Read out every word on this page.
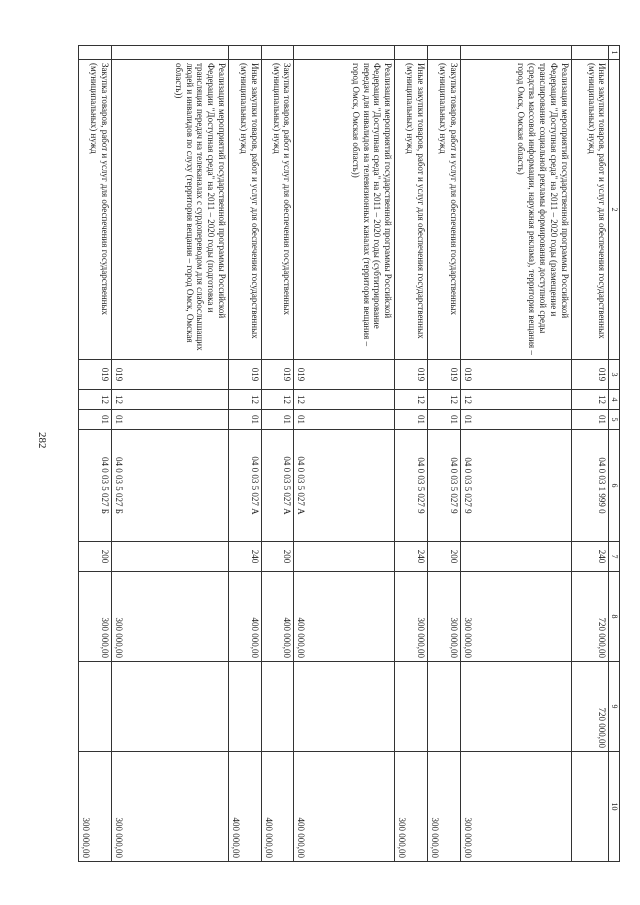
282
1	2	3	4	5	6	7	8	9	10
	Иные закупки товаров, работ и услуг для обеспечения государственных (муниципальных) нужд	019	12	01	04 0 03 1 999 0	240	720 000,00	720 000,00	
	Реализация мероприятий государственной программы Российской Федерации "Доступная среда" на 2011 – 2020 годы (размещение и транслирование социальной рекламы формирования доступной среды (средства массовой информации, наружная реклама), территория вещания – город Омск, Омская область)	019	12	01	04 0 03 5 027 9		300 000,00		300 000,00
	Закупка товаров, работ и услуг для обеспечения государственных (муниципальных) нужд	019	12	01	04 0 03 5 027 9	200	300 000,00		300 000,00
	Иные закупки товаров, работ и услуг для обеспечения государственных (муниципальных) нужд	019	12	01	04 0 03 5 027 9	240	300 000,00		300 000,00
	Реализация мероприятий государственной программы Российской Федерации "Доступная среда" на 2011 – 2020 годы (субтитрирование передач для инвалидов на телевизионных каналах (территория вещания – город Омск, Омская область))	019	12	01	04 0 03 5 027 А		400 000,00		400 000,00
	Закупка товаров, работ и услуг для обеспечения государственных (муниципальных) нужд	019	12	01	04 0 03 5 027 А	200	400 000,00		400 000,00
	Иные закупки товаров, работ и услуг для обеспечения государственных (муниципальных) нужд	019	12	01	04 0 03 5 027 А	240	400 000,00		400 000,00
	Реализация мероприятий государственной программы Российской Федерации "Доступная среда" на 2011 – 2020 годы (подготовка и трансляция передач на телеканалах с сурдопереводом для слабослышащих людей и инвалидов по слуху (территория вещания – город Омск, Омская область))	019	12	01	04 0 03 5 027 Б		300 000,00		300 000,00
	Закупка товаров, работ и услуг для обеспечения государственных (муниципальных) нужд	019	12	01	04 0 03 5 027 Б	200	300 000,00		300 000,00
